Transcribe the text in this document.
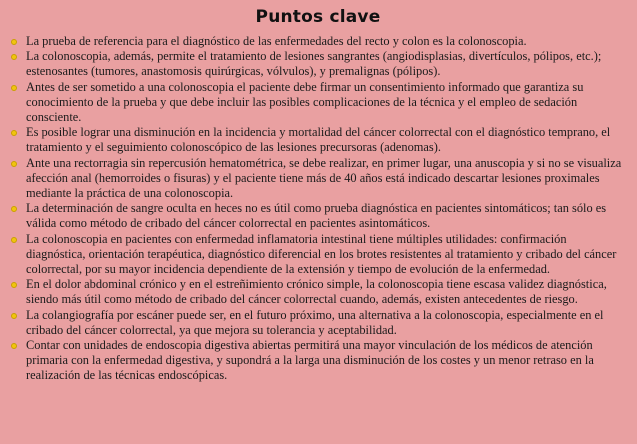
Puntos clave
La prueba de referencia para el diagnóstico de las enfermedades del recto y colon es la colonoscopia.
La colonoscopia, además, permite el tratamiento de lesiones sangrantes (angiodisplasias, divertículos, pólipos, etc.); estenosantes (tumores, anastomosis quirúrgicas, vólvulos), y premalignas (pólipos).
Antes de ser sometido a una colonoscopia el paciente debe firmar un consentimiento informado que garantiza su conocimiento de la prueba y que debe incluir las posibles complicaciones de la técnica y el empleo de sedación consciente.
Es posible lograr una disminución en la incidencia y mortalidad del cáncer colorrectal con el diagnóstico temprano, el tratamiento y el seguimiento colonoscópico de las lesiones precursoras (adenomas).
Ante una rectorragia sin repercusión hematométrica, se debe realizar, en primer lugar, una anuscopia y si no se visualiza afección anal (hemorroides o fisuras) y el paciente tiene más de 40 años está indicado descartar lesiones proximales mediante la práctica de una colonoscopia.
La determinación de sangre oculta en heces no es útil como prueba diagnóstica en pacientes sintomáticos; tan sólo es válida como método de cribado del cáncer colorrectal en pacientes asintomáticos.
La colonoscopia en pacientes con enfermedad inflamatoria intestinal tiene múltiples utilidades: confirmación diagnóstica, orientación terapéutica, diagnóstico diferencial en los brotes resistentes al tratamiento y cribado del cáncer colorrectal, por su mayor incidencia dependiente de la extensión y tiempo de evolución de la enfermedad.
En el dolor abdominal crónico y en el estreñimiento crónico simple, la colonoscopia tiene escasa validez diagnóstica, siendo más útil como método de cribado del cáncer colorrectal cuando, además, existen antecedentes de riesgo.
La colangiografía por escáner puede ser, en el futuro próximo, una alternativa a la colonoscopia, especialmente en el cribado del cáncer colorrectal, ya que mejora su tolerancia y aceptabilidad.
Contar con unidades de endoscopia digestiva abiertas permitirá una mayor vinculación de los médicos de atención primaria con la enfermedad digestiva, y supondrá a la larga una disminución de los costes y un menor retraso en la realización de las técnicas endoscópicas.
